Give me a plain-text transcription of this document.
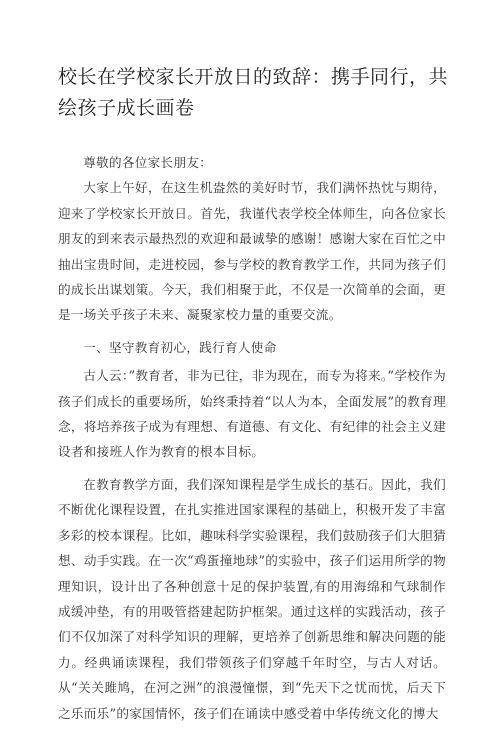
校长在学校家长开放日的致辞：携手同行，共绘孩子成长画卷

尊敬的各位家长朋友：

大家上午好，在这生机盎然的美好时节，我们满怀热忱与期待，迎来了学校家长开放日。首先，我谨代表学校全体师生，向各位家长朋友的到来表示最热烈的欢迎和最诚挚的感谢！感谢大家在百忙之中抽出宝贵时间，走进校园，参与学校的教育教学工作，共同为孩子们的成长出谋划策。今天，我们相聚于此，不仅是一次简单的会面，更是一场关乎孩子未来、凝聚家校力量的重要交流。

一、坚守教育初心，践行育人使命

古人云：”教育者，非为已往，非为现在，而专为将来。”学校作为孩子们成长的重要场所，始终秉持着“以人为本，全面发展”的教育理念，将培养孩子成为有理想、有道德、有文化、有纪律的社会主义建设者和接班人作为教育的根本目标。

在教育教学方面，我们深知课程是学生成长的基石。因此，我们不断优化课程设置，在扎实推进国家课程的基础上，积极开发了丰富多彩的校本课程。比如，趣味科学实验课程，我们鼓励孩子们大胆猜想、动手实践。在一次“鸡蛋撞地球”的实验中，孩子们运用所学的物理知识，设计出了各种创意十足的保护装置,有的用海绵和气球制作成缓冲垫，有的用吸管搭建起防护框架。通过这样的实践活动，孩子们不仅加深了对科学知识的理解，更培养了创新思维和解决问题的能力。经典诵读课程，我们带领孩子们穿越千年时空，与古人对话。从“关关雎鸠，在河之洲”的浪漫憧憬，到“先天下之忧而忧，后天下之乐而乐”的家国情怀，孩子们在诵读中感受着中华传统文化的博大
